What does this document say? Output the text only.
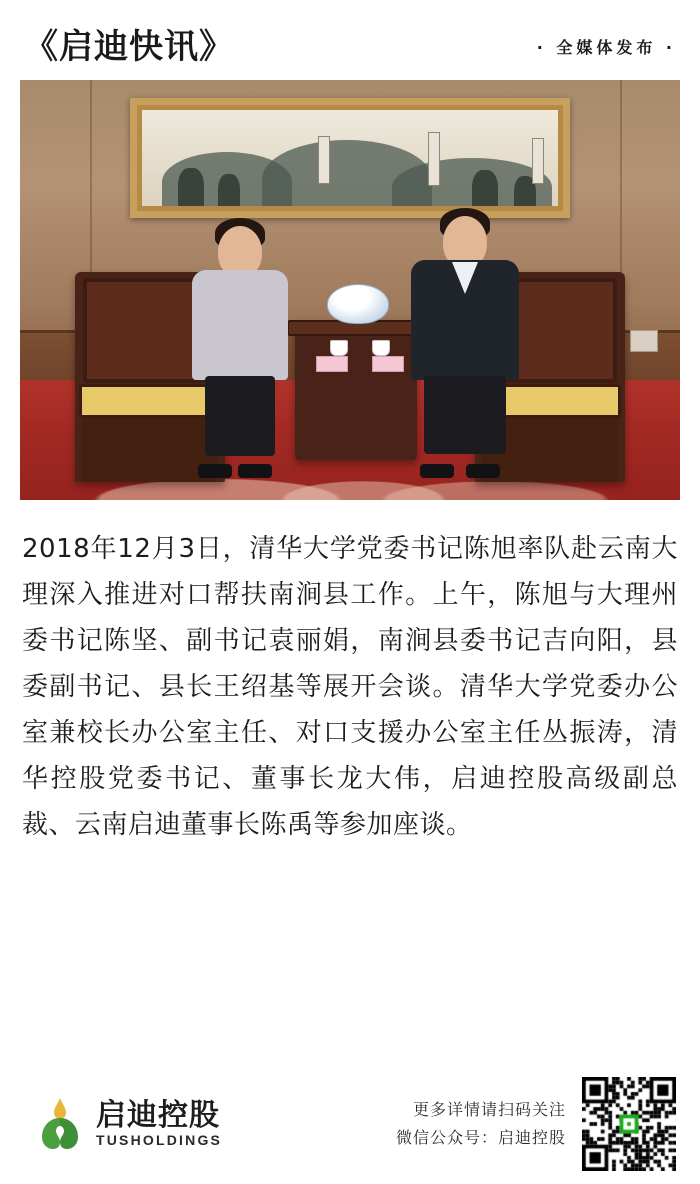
《启迪快讯》	· 全媒体发布 ·
2018年12月3日，清华大学党委书记陈旭率队赴云南大理深入推进对口帮扶南涧县工作。上午，陈旭与大理州委书记陈坚、副书记袁丽娟，南涧县委书记吉向阳，县委副书记、县长王绍基等展开会谈。清华大学党委办公室兼校长办公室主任、对口支援办公室主任丛振涛，清华控股党委书记、董事长龙大伟，启迪控股高级副总裁、云南启迪董事长陈禹等参加座谈。
启迪控股
TUSHOLDINGS
更多详情请扫码关注
微信公众号：启迪控股
